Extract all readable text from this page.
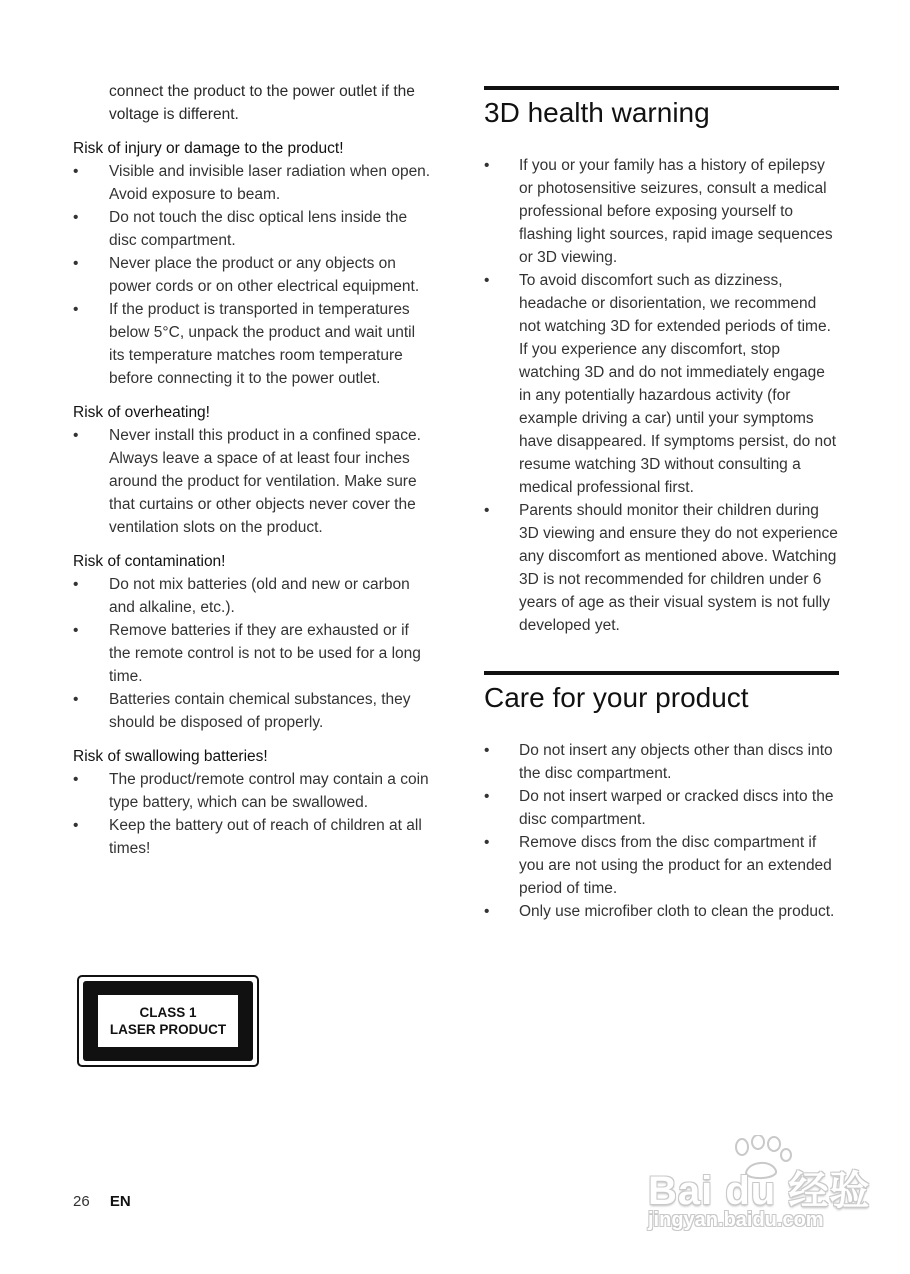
connect the product to the power outlet if the voltage is different.

Risk of injury or damage to the product!

•	Visible and invisible laser radiation when open. Avoid exposure to beam.
•	Do not touch the disc optical lens inside the disc compartment.
•	Never place the product or any objects on power cords or on other electrical equipment.
•	If the product is transported in temperatures below 5°C, unpack the product and wait until its temperature matches room temperature before connecting it to the power outlet.

Risk of overheating!

•	Never install this product in a confined space. Always leave a space of at least four inches around the product for ventilation. Make sure that curtains or other objects never cover the ventilation slots on the product.

Risk of contamination!

•	Do not mix batteries (old and new or carbon and alkaline, etc.).
•	Remove batteries if they are exhausted or if the remote control is not to be used for a long time.
•	Batteries contain chemical substances, they should be disposed of properly.

Risk of swallowing batteries!

•	The product/remote control may contain a coin type battery, which can be swallowed.
•	Keep the battery out of reach of children at all times!
CLASS 1
LASER PRODUCT
3D health warning
•	If you or your family has a history of epilepsy or photosensitive seizures, consult a medical professional before exposing yourself to flashing light sources, rapid image sequences or 3D viewing.
•	To avoid discomfort such as dizziness, headache or disorientation, we recommend not watching 3D for extended periods of time. If you experience any discomfort, stop watching 3D and do not immediately engage in any potentially hazardous activity (for example driving a car) until your symptoms have disappeared. If symptoms persist, do not resume watching 3D without consulting a medical professional first.
•	Parents should monitor their children during 3D viewing and ensure they do not experience any discomfort as mentioned above. Watching 3D is not recommended for children under 6 years of age as their visual system is not fully developed yet.
Care for your product
•	Do not insert any objects other than discs into the disc compartment.
•	Do not insert warped or cracked discs into the disc compartment.
•	Remove discs from the disc compartment if you are not using the product for an extended period of time.
•	Only use microfiber cloth to clean the product.
26 EN	Bai du 经验
jingyan.baidu.com
